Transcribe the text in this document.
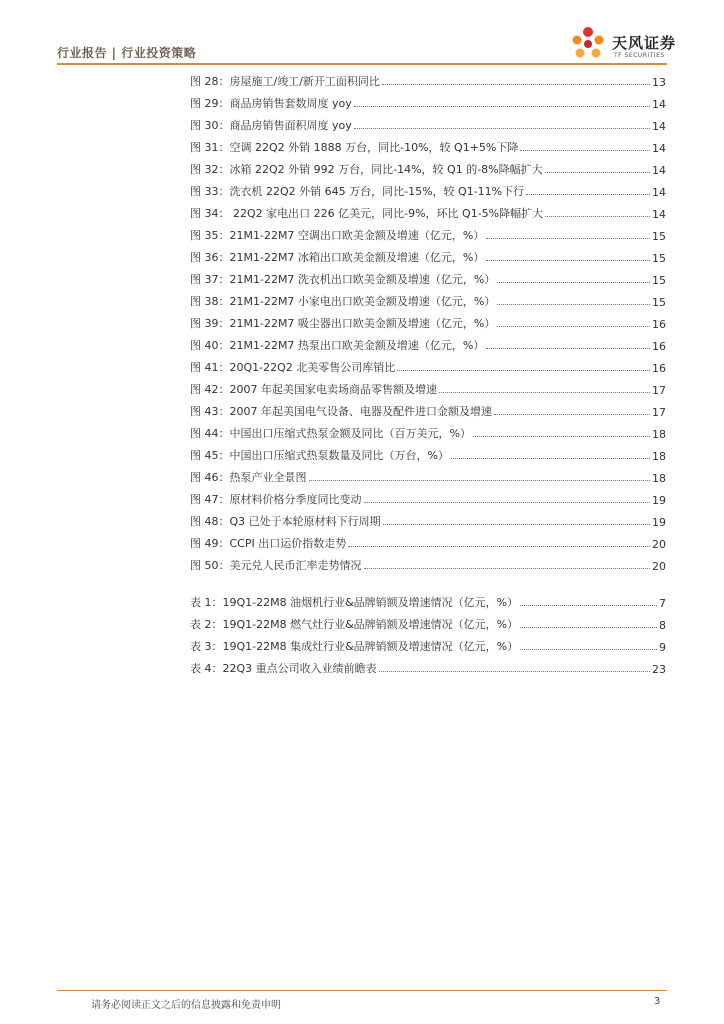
行业报告 | 行业投资策略
天风证券
TF SECURITIES
图 28：房屋施工/竣工/新开工面积同比	13
图 29：商品房销售套数周度 yoy	14
图 30：商品房销售面积周度 yoy	14
图 31：空调 22Q2 外销 1888 万台，同比-10%，较 Q1+5%下降	14
图 32：冰箱 22Q2 外销 992 万台，同比-14%，较 Q1 的-8%降幅扩大	14
图 33：洗衣机 22Q2 外销 645 万台，同比-15%，较 Q1-11%下行	14
图 34： 22Q2 家电出口 226 亿美元，同比-9%，环比 Q1-5%降幅扩大	14
图 35：21M1-22M7 空调出口欧美金额及增速（亿元，%）	15
图 36：21M1-22M7 冰箱出口欧美金额及增速（亿元，%）	15
图 37：21M1-22M7 洗衣机出口欧美金额及增速（亿元，%）	15
图 38：21M1-22M7 小家电出口欧美金额及增速（亿元，%）	15
图 39：21M1-22M7 吸尘器出口欧美金额及增速（亿元，%）	16
图 40：21M1-22M7 热泵出口欧美金额及增速（亿元，%）	16
图 41：20Q1-22Q2 北美零售公司库销比	16
图 42：2007 年起美国家电卖场商品零售额及增速	17
图 43：2007 年起美国电气设备、电器及配件进口金额及增速	17
图 44：中国出口压缩式热泵金额及同比（百万美元，%）	18
图 45：中国出口压缩式热泵数量及同比（万台，%）	18
图 46：热泵产业全景图	18
图 47：原材料价格分季度同比变动	19
图 48：Q3 已处于本轮原材料下行周期	19
图 49：CCPI 出口运价指数走势	20
图 50：美元兑人民币汇率走势情况	20
表 1：19Q1-22M8 油烟机行业&品牌销额及增速情况（亿元，%）	7
表 2：19Q1-22M8 燃气灶行业&品牌销额及增速情况（亿元，%）	8
表 3：19Q1-22M8 集成灶行业&品牌销额及增速情况（亿元，%）	9
表 4：22Q3 重点公司收入业绩前瞻表	23
请务必阅读正文之后的信息披露和免责申明	3
